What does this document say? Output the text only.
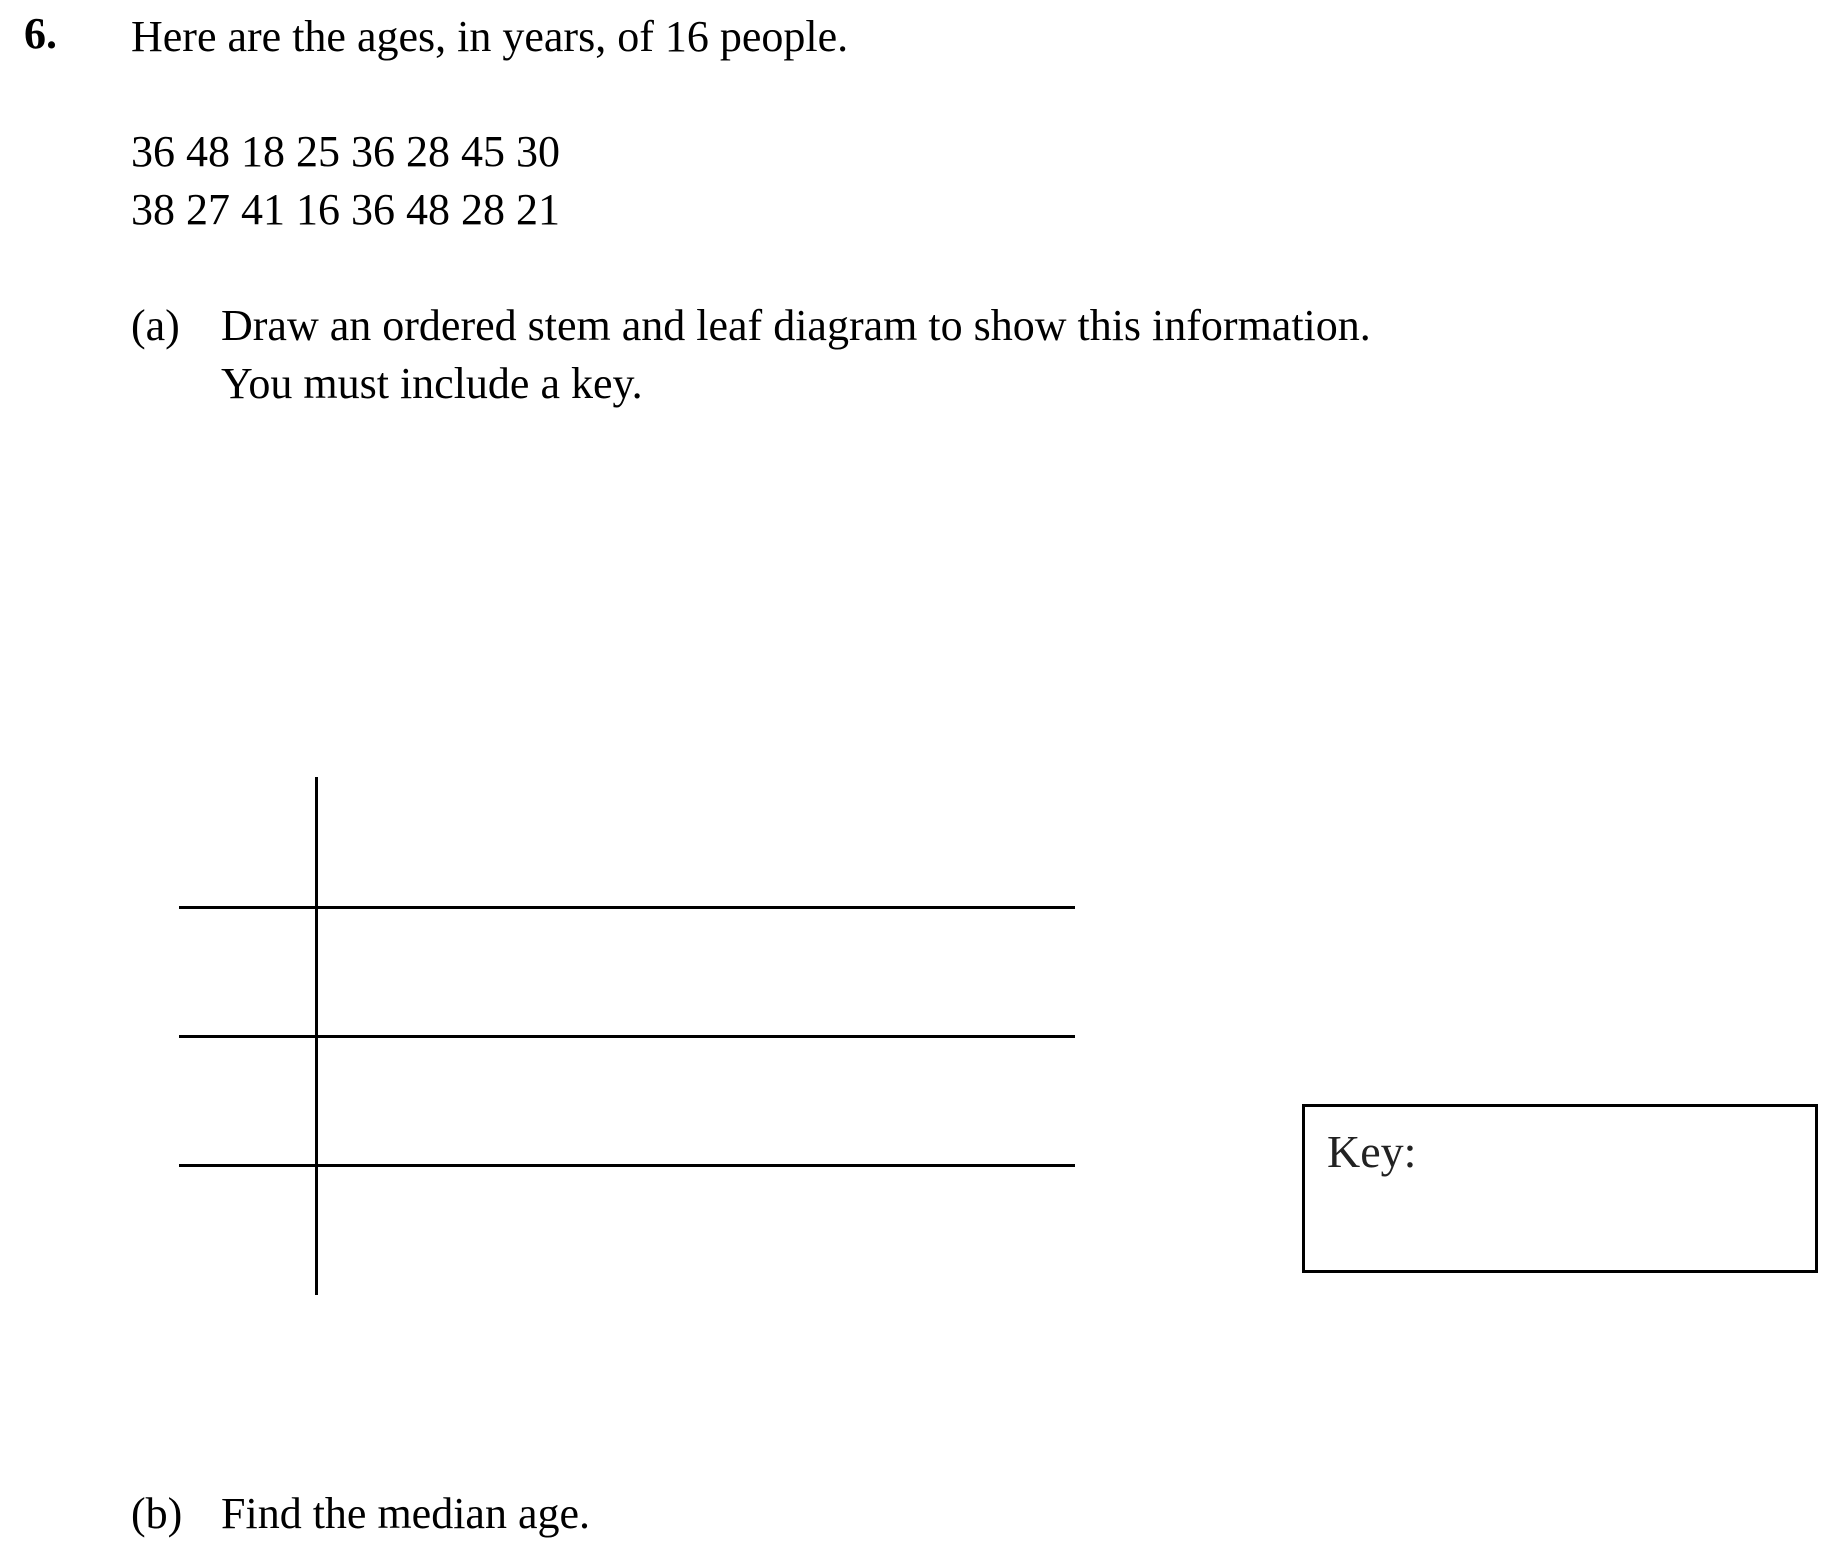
6. Here are the ages, in years, of 16 people.
36 48 18 25 36 28 45 30
38 27 41 16 36 48 28 21
(a) Draw an ordered stem and leaf diagram to show this information.
You must include a key.
Key:
(b) Find the median age.
